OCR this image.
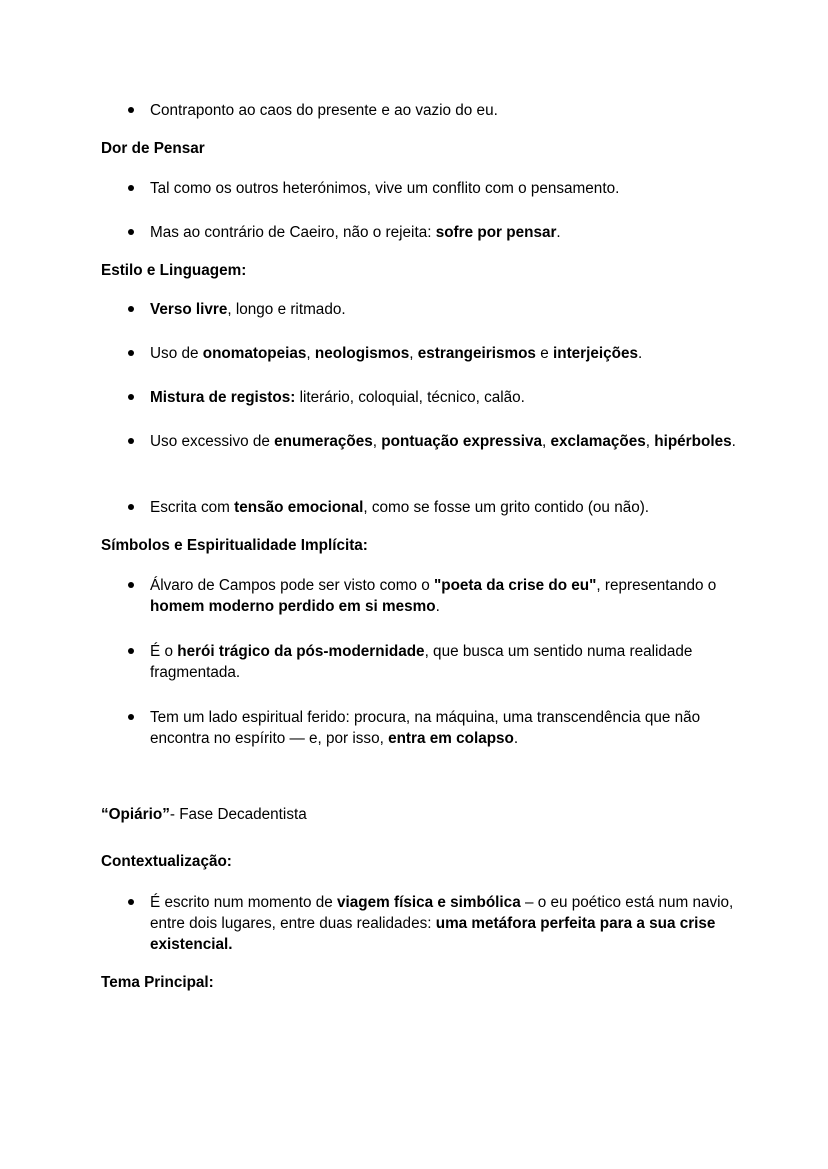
Contraponto ao caos do presente e ao vazio do eu.
Dor de Pensar
Tal como os outros heterónimos, vive um conflito com o pensamento.
Mas ao contrário de Caeiro, não o rejeita: sofre por pensar.
Estilo e Linguagem:
Verso livre, longo e ritmado.
Uso de onomatopeias, neologismos, estrangeirismos e interjeições.
Mistura de registos: literário, coloquial, técnico, calão.
Uso excessivo de enumerações, pontuação expressiva, exclamações, hipérboles.
Escrita com tensão emocional, como se fosse um grito contido (ou não).
Símbolos e Espiritualidade Implícita:
Álvaro de Campos pode ser visto como o "poeta da crise do eu", representando o homem moderno perdido em si mesmo.
É o herói trágico da pós-modernidade, que busca um sentido numa realidade fragmentada.
Tem um lado espiritual ferido: procura, na máquina, uma transcendência que não encontra no espírito — e, por isso, entra em colapso.
“Opiário”- Fase Decadentista
Contextualização:
É escrito num momento de viagem física e simbólica – o eu poético está num navio, entre dois lugares, entre duas realidades: uma metáfora perfeita para a sua crise existencial.
Tema Principal:
